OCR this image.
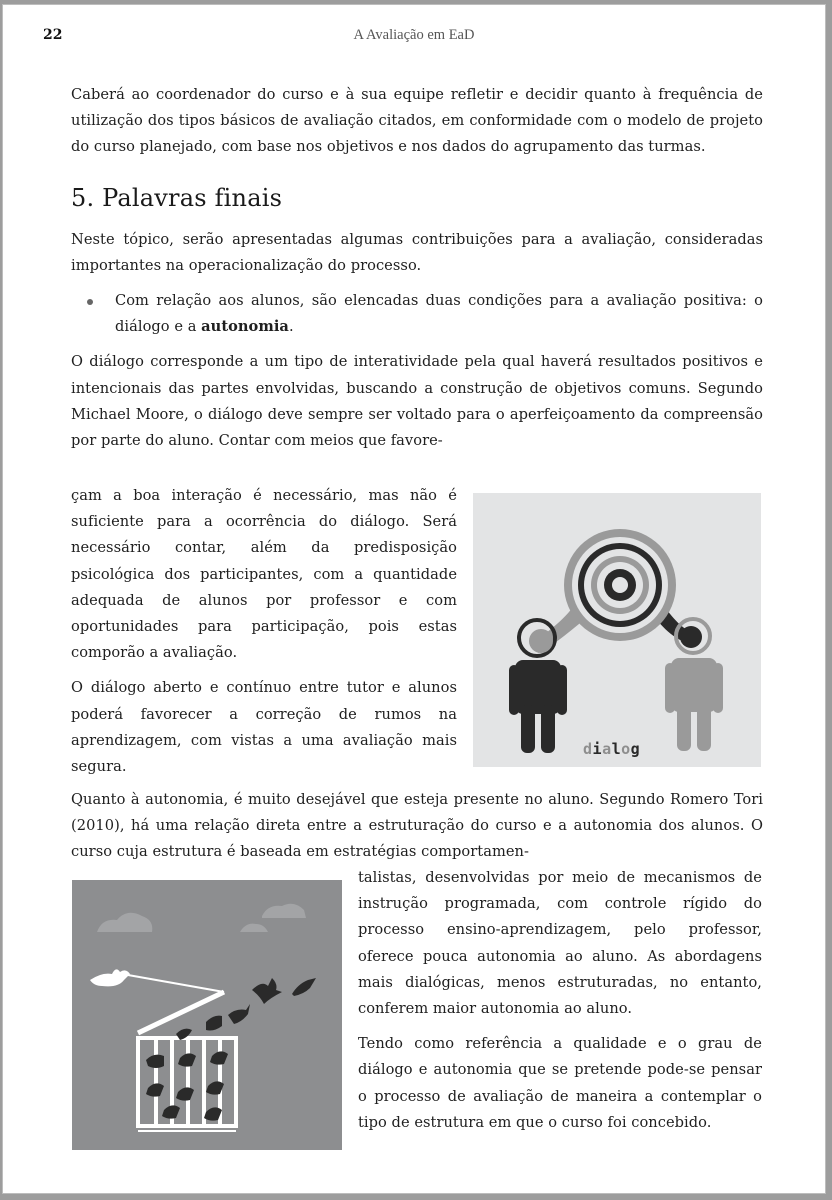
22	A Avaliação em EaD

Caberá ao coordenador do curso e à sua equipe refletir e decidir quanto à frequência de utilização dos tipos básicos de avaliação citados, em conformidade com o modelo de projeto do curso planejado, com base nos objetivos e nos dados do agrupamento das turmas.

5. Palavras finais

Neste tópico, serão apresentadas algumas contribuições para a avaliação, consideradas importantes na operacionalização do processo.

Com relação aos alunos, são elencadas duas condições para a avaliação positiva: o diálogo e a autonomia.

O diálogo corresponde a um tipo de interatividade pela qual haverá resultados positivos e intencionais das partes envolvidas, buscando a construção de objetivos comuns. Segundo Michael Moore, o diálogo deve sempre ser voltado para o aperfeiçoamento da compreensão por parte do aluno. Contar com meios que favore-

çam a boa interação é necessário, mas não é suficiente para a ocorrência do diálogo. Será necessário contar, além da predisposição psicológica dos participantes, com a quantidade adequada de alunos por professor e com oportunidades para participação, pois estas comporão a avaliação.

O diálogo aberto e contínuo entre tutor e alunos poderá favorecer a correção de rumos na aprendizagem, com vistas a uma avaliação mais segura.

dialog

Quanto à autonomia, é muito desejável que esteja presente no aluno. Segundo Romero Tori (2010), há uma relação direta entre a estruturação do curso e a autonomia dos alunos. O curso cuja estrutura é baseada em estratégias comportamen-

talistas, desenvolvidas por meio de mecanismos de instrução programada, com controle rígido do processo ensino-aprendizagem, pelo professor, oferece pouca autonomia ao aluno. As abordagens mais dialógicas, menos estruturadas, no entanto, conferem maior autonomia ao aluno.

Tendo como referência a qualidade e o grau de diálogo e autonomia que se pretende pode-se pensar o processo de avaliação de maneira a contemplar o tipo de estrutura em que o curso foi concebido.
